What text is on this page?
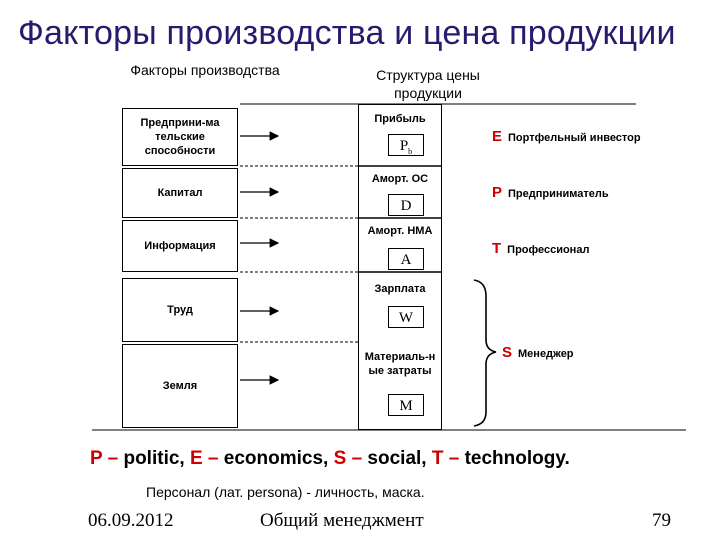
Факторы производства и цена продукции
Факторы производства	Структура цены продукции
Предприни-ма тельские способности
Капитал
Информация
Труд
Земля
Прибыль
$P_b$
Аморт. ОС
D
Аморт. НМА
A
Зарплата
W
Материаль-н ые затраты
M
E Портфельный инвестор
P Предприниматель
T Профессионал
S Менеджер
P – politic, E – economics, S – social, T – technology.
Персонал (лат. persona) - личность, маска.
06.09.2012	Общий менеджмент	79
